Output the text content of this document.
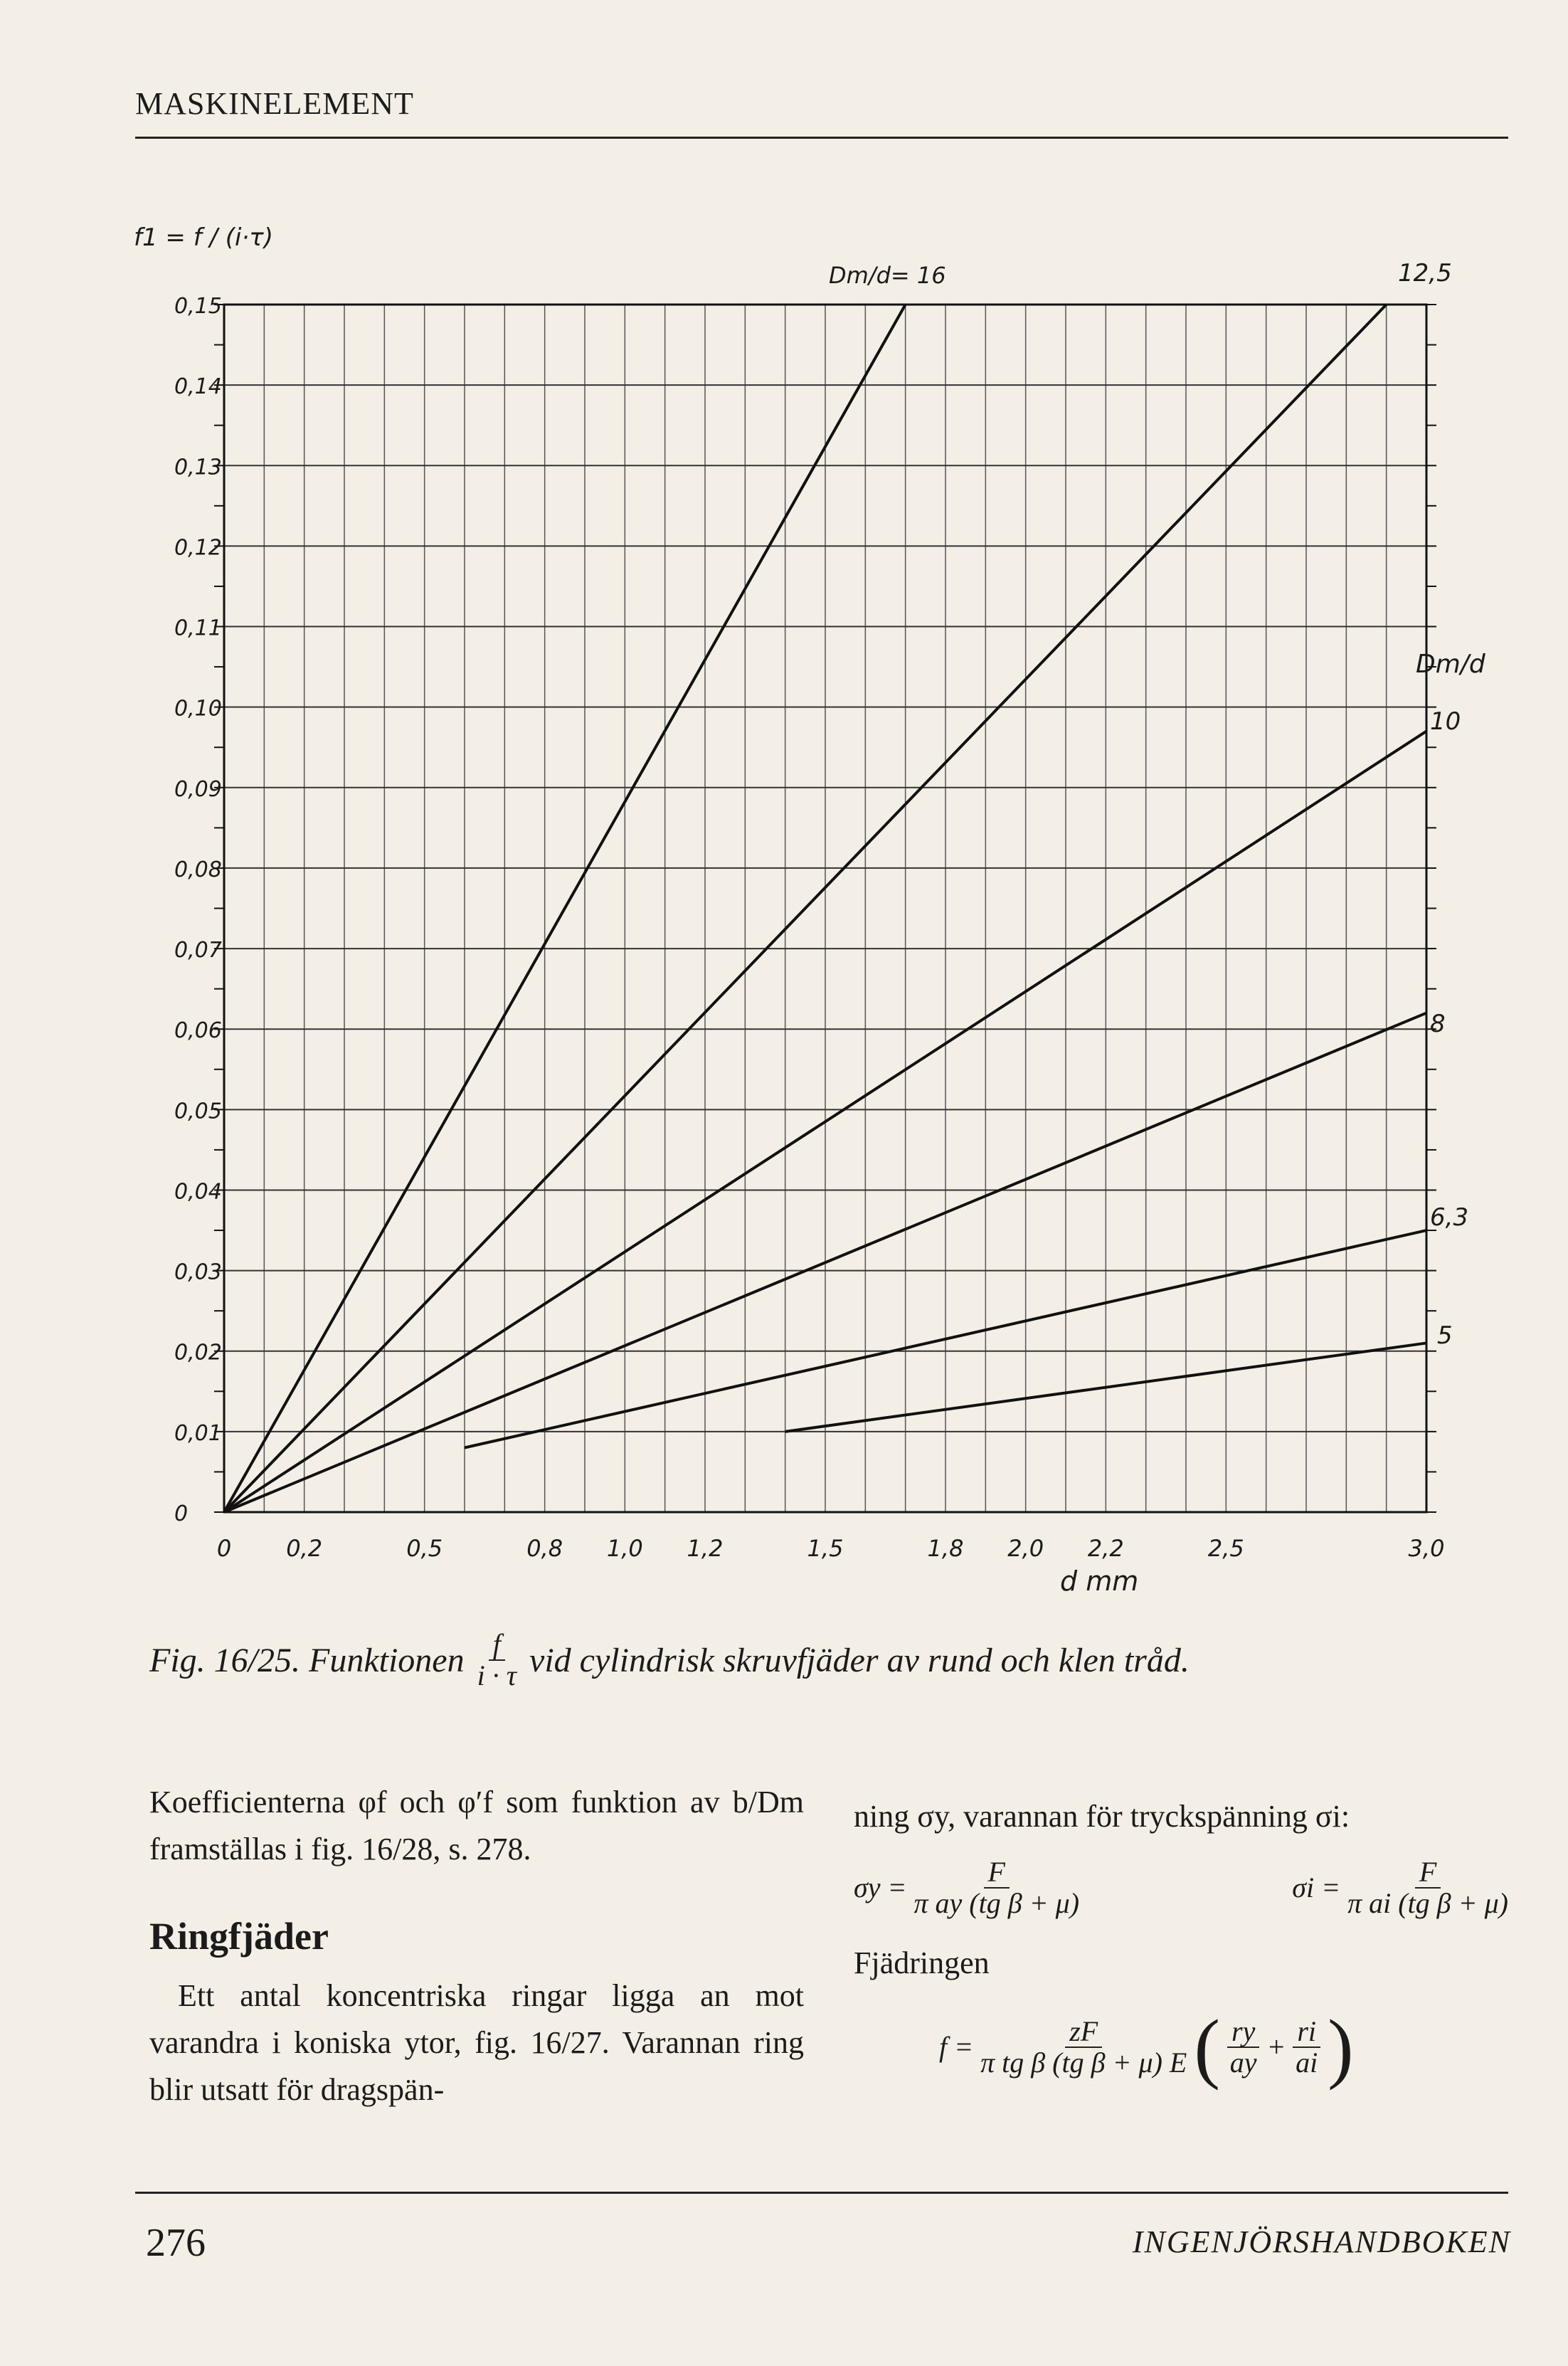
MASKINELEMENT
0
0,01
0,02
0,03
0,04
0,05
0,06
0,07
0,08
0,09
0,10
0,11
0,12
0,13
0,14
0,15
0 0,2	0,5	0,8 1,0 1,2	1,5	1,8 2,0 2,2	2,5	3,0
12,5
10
8
6,3
5
Dm/d= 16
Dm/d
f1 = f / (i·τ)
d mm
Fig. 16/25. Funktionen $\frac{f}{i \cdot \tau}$ vid cylindrisk skruvfjäder av rund och klen tråd.

Koefficienterna φf och φ′f som funktion av b/Dm framställas i fig. 16/28, s. 278.

Ringfjäder

Ett antal koncentriska ringar ligga an mot varandra i koniska ytor, fig. 16/27. Varannan ring blir utsatt för dragspän-

ning σy, varannan för tryckspänning σi:

$\sigma y = \frac{F}{\text{π ay (tg β + μ)}}$	$\sigma i = \frac{F}{\text{π ai (tg β + μ)}}$

Fjädringen

$f = \frac{zF}{\text{π tg β (tg β + μ) E}}$ ( $\frac{ry}{ay} + \frac{ri}{ai}$ )
276	INGENJÖRSHANDBOKEN
